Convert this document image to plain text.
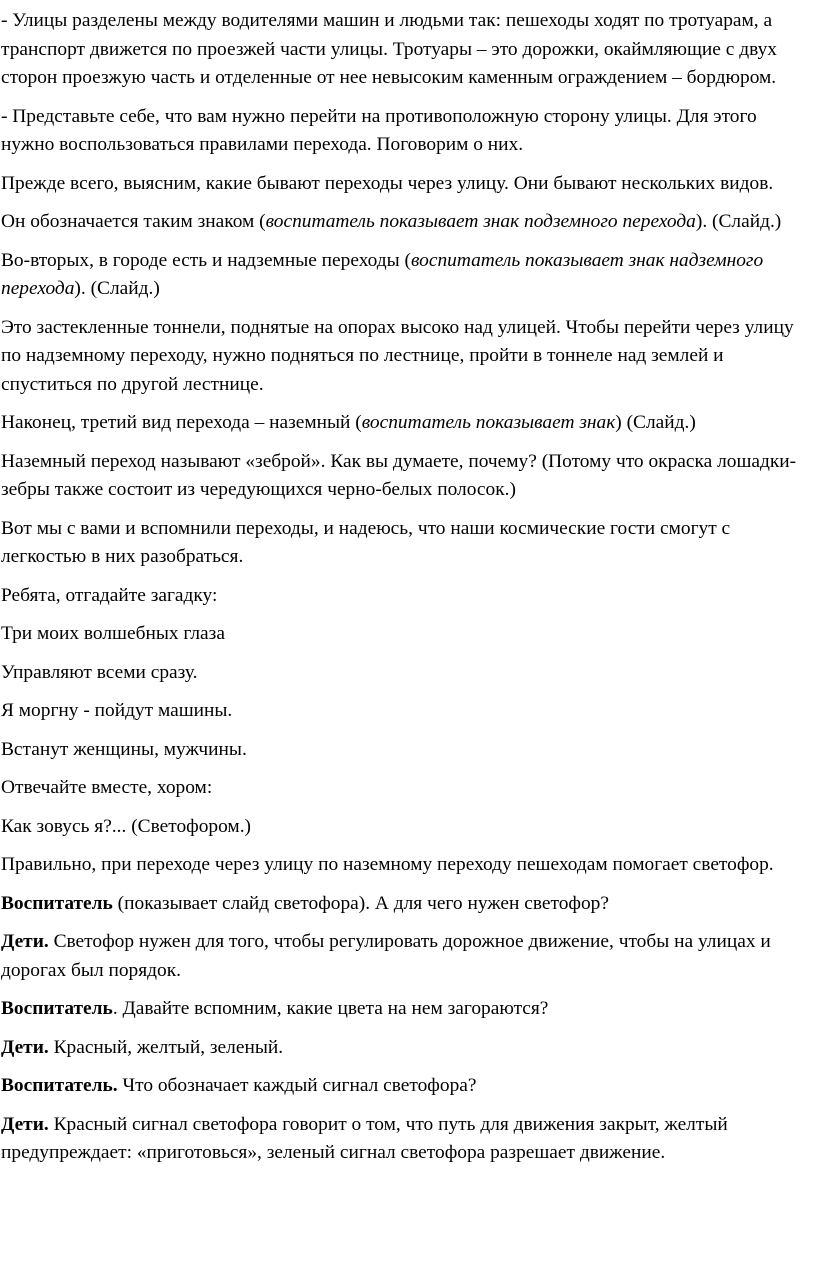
- Улицы разделены между водителями машин и людьми так: пешеходы ходят по тротуарам, а транспорт движется по проезжей части улицы. Тротуары – это дорожки, окаймляющие с двух сторон проезжую часть и отделенные от нее невысоким каменным ограждением – бордюром.

- Представьте себе, что вам нужно перейти на противоположную сторону улицы. Для этого нужно воспользоваться правилами перехода. Поговорим о них.

Прежде всего, выясним, какие бывают переходы через улицу. Они бывают нескольких видов.

Он обозначается таким знаком (воспитатель показывает знак подземного перехода). (Слайд.)

Во-вторых, в городе есть и надземные переходы (воспитатель показывает знак надземного перехода). (Слайд.)

Это застекленные тоннели, поднятые на опорах высоко над улицей. Чтобы перейти через улицу по надземному переходу, нужно подняться по лестнице, пройти в тоннеле над землей и спуститься по другой лестнице.

Наконец, третий вид перехода – наземный (воспитатель показывает знак) (Слайд.)

Наземный переход называют «зеброй». Как вы думаете, почему? (Потому что окраска лошадки-зебры также состоит из чередующихся черно-белых полосок.)

Вот мы с вами и вспомнили переходы, и надеюсь, что наши космические гости смогут с легкостью в них разобраться.

Ребята, отгадайте загадку:

Три моих волшебных глаза

Управляют всеми сразу.

Я моргну - пойдут машины.

Встанут женщины, мужчины.

Отвечайте вместе, хором:

Как зовусь я?... (Светофором.)

Правильно, при переходе через улицу по наземному переходу пешеходам помогает светофор.

Воспитатель (показывает слайд светофора). А для чего нужен светофор?

Дети. Светофор нужен для того, чтобы регулировать дорожное движение, чтобы на улицах и дорогах был порядок.

Воспитатель. Давайте вспомним, какие цвета на нем загораются?

Дети. Красный, желтый, зеленый.

Воспитатель. Что обозначает каждый сигнал светофора?

Дети. Красный сигнал светофора говорит о том, что путь для движения закрыт, желтый предупреждает: «приготовься», зеленый сигнал светофора разрешает движение.
